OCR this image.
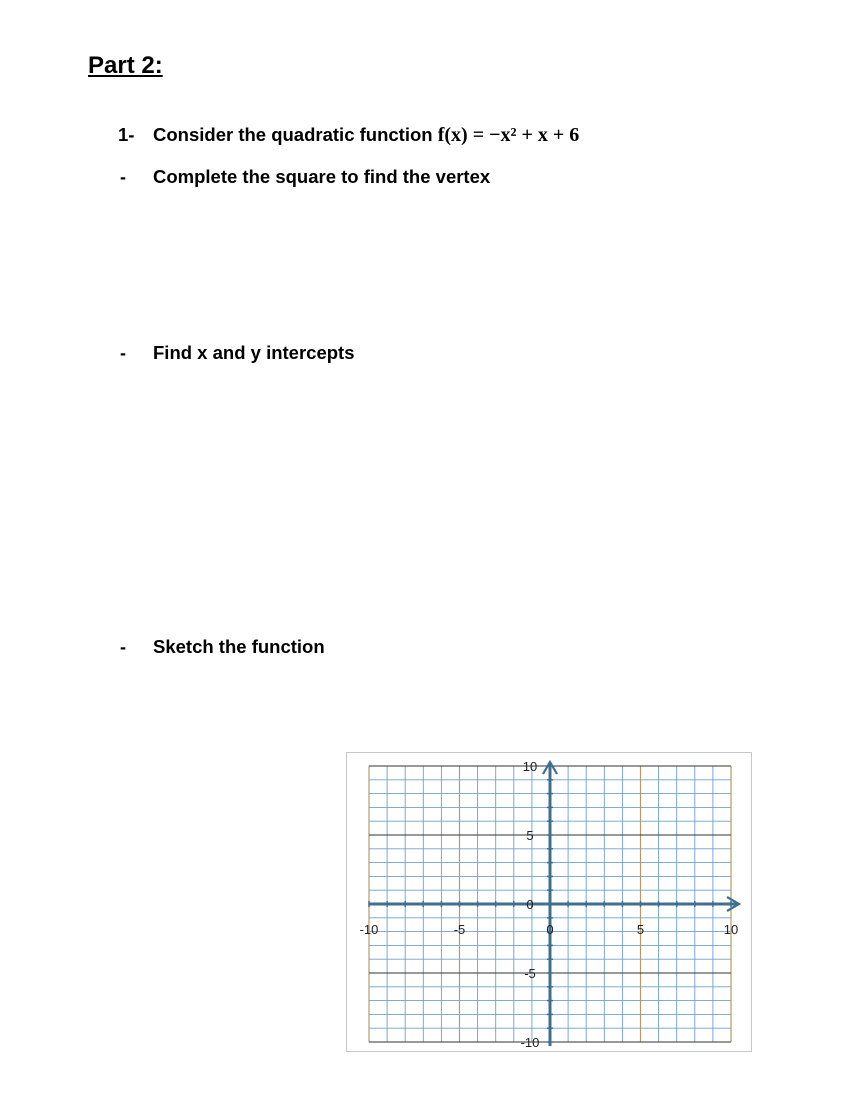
Part 2:
1- Consider the quadratic function f(x) = −x² + x + 6
- Complete the square to find the vertex
- Find x and y intercepts
- Sketch the function
-10	-5	0	5	10
10
5
0
-5
-10
